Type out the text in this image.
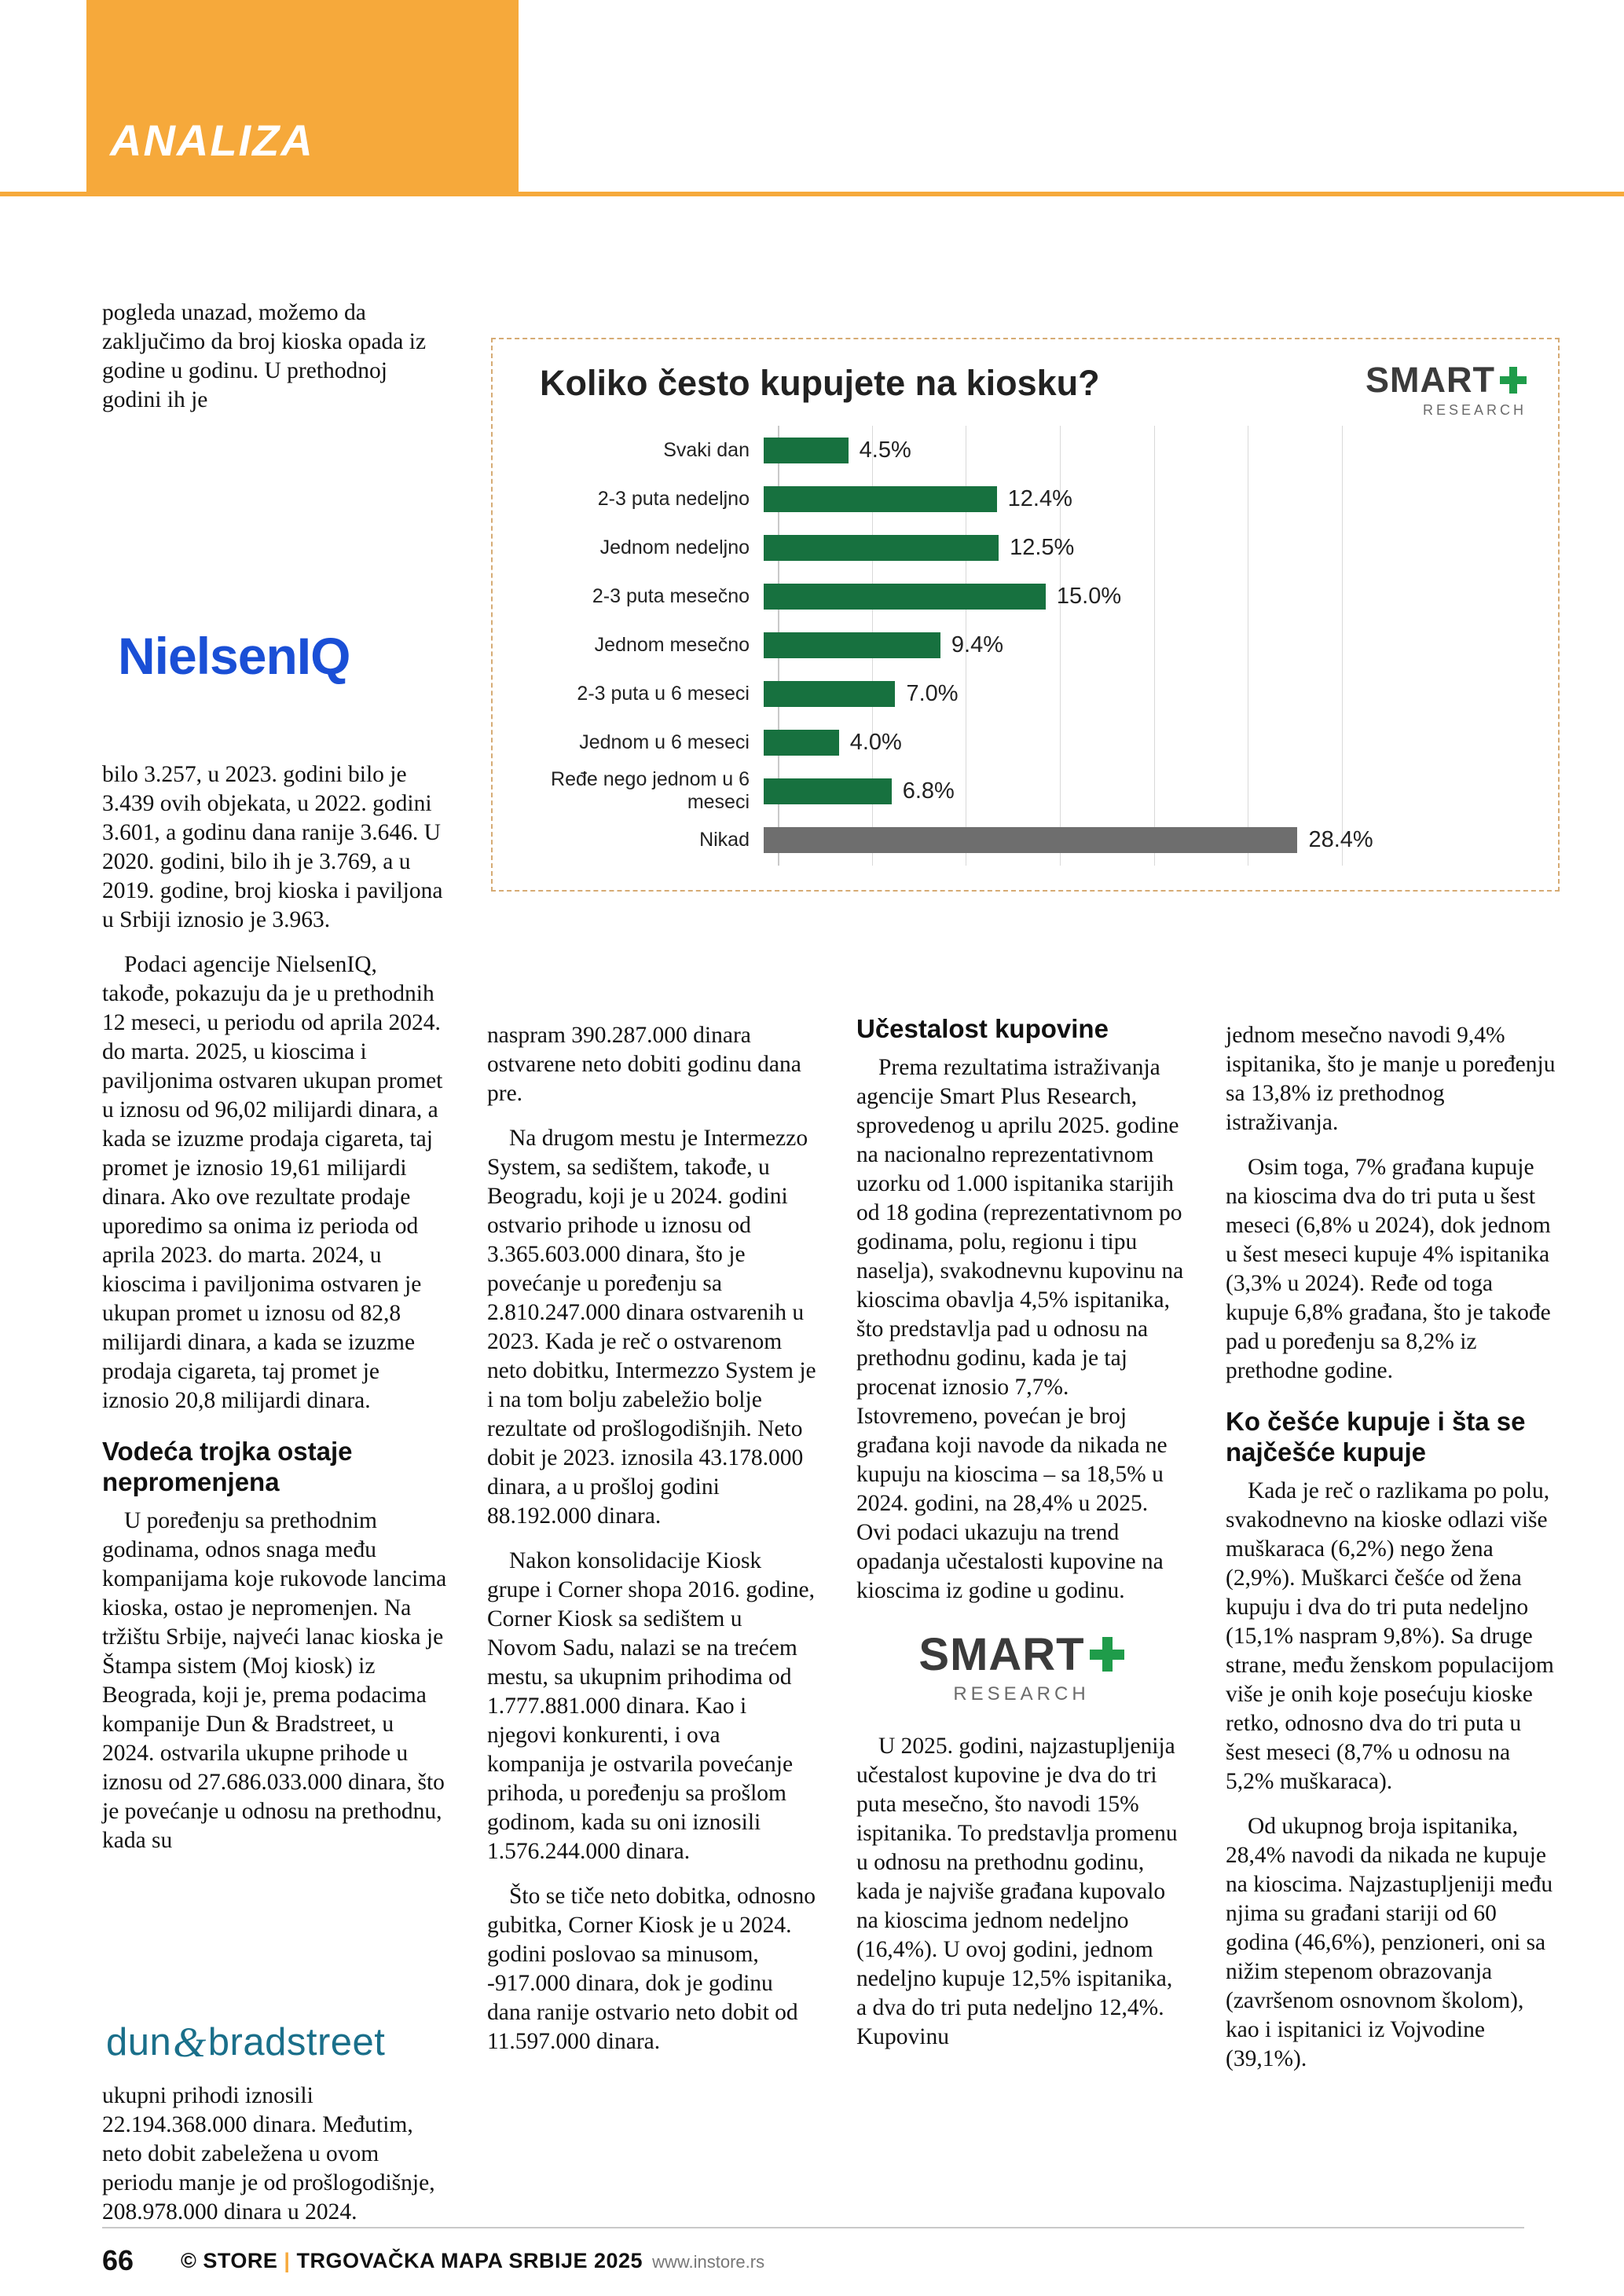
ANALIZA

pogleda unazad, možemo da zaključimo da broj kioska opada iz godine u godinu. U prethodnoj godini ih je

NielsenIQ

bilo 3.257, u 2023. godini bilo je 3.439 ovih objekata, u 2022. godini 3.601, a godinu dana ranije 3.646. U 2020. godini, bilo ih je 3.769, a u 2019. godine, broj kioska i paviljona u Srbiji iznosio je 3.963.

Podaci agencije NielsenIQ, takođe, pokazuju da je u prethodnih 12 meseci, u periodu od aprila 2024. do marta. 2025, u kioscima i paviljonima ostvaren ukupan promet u iznosu od 96,02 milijardi dinara, a kada se izuzme prodaja cigareta, taj promet je iznosio 19,61 milijardi dinara. Ako ove rezultate prodaje uporedimo sa onima iz perioda od aprila 2023. do marta. 2024, u kioscima i paviljonima ostvaren je ukupan promet u iznosu od 82,8 milijardi dinara, a kada se izuzme prodaja cigareta, taj promet je iznosio 20,8 milijardi dinara.

Vodeća trojka ostaje nepromenjena

U poređenju sa prethodnim godinama, odnos snaga među kompanijama koje rukovode lancima kioska, ostao je nepromenjen. Na tržištu Srbije, najveći lanac kioska je Štampa sistem (Moj kiosk) iz Beograda, koji je, prema podacima kompanije Dun & Bradstreet, u 2024. ostvarila ukupne prihode u iznosu od 27.686.033.000 dinara, što je povećanje u odnosu na prethodnu, kada su

dun & bradstreet

ukupni prihodi iznosili 22.194.368.000 dinara. Međutim, neto dobit zabeležena u ovom periodu manje je od prošlogodišnje, 208.978.000 dinara u 2024.

Koliko često kupujete na kiosku?	SMART
RESEARCH
Svaki dan	4.5%
2-3 puta nedeljno	12.4%
Jednom nedeljno	12.5%
2-3 puta mesečno	15.0%
Jednom mesečno	9.4%
2-3 puta u 6 meseci	7.0%
Jednom u 6 meseci	4.0%
Ređe nego jednom u 6 meseci	6.8%
Nikad	28.4%

naspram 390.287.000 dinara ostvarene neto dobiti godinu dana pre.

Na drugom mestu je Intermezzo System, sa sedištem, takođe, u Beogradu, koji je u 2024. godini ostvario prihode u iznosu od 3.365.603.000 dinara, što je povećanje u poređenju sa 2.810.247.000 dinara ostvarenih u 2023. Kada je reč o ostvarenom neto dobitku, Intermezzo System je i na tom bolju zabeležio bolje rezultate od prošlogodišnjih. Neto dobit je 2023. iznosila 43.178.000 dinara, a u prošloj godini 88.192.000 dinara.

Nakon konsolidacije Kiosk grupe i Corner shopa 2016. godine, Corner Kiosk sa sedištem u Novom Sadu, nalazi se na trećem mestu, sa ukupnim prihodima od 1.777.881.000 dinara. Kao i njegovi konkurenti, i ova kompanija je ostvarila povećanje prihoda, u poređenju sa prošlom godinom, kada su oni iznosili 1.576.244.000 dinara.

Što se tiče neto dobitka, odnosno gubitka, Corner Kiosk je u 2024. godini poslovao sa minusom, -917.000 dinara, dok je godinu dana ranije ostvario neto dobit od 11.597.000 dinara.

Učestalost kupovine

Prema rezultatima istraživanja agencije Smart Plus Research, sprovedenog u aprilu 2025. godine na nacionalno reprezentativnom uzorku od 1.000 ispitanika starijih od 18 godina (reprezentativnom po godinama, polu, regionu i tipu naselja), svakodnevnu kupovinu na kioscima obavlja 4,5% ispitanika, što predstavlja pad u odnosu na prethodnu godinu, kada je taj procenat iznosio 7,7%. Istovremeno, povećan je broj građana koji navode da nikada ne kupuju na kioscima – sa 18,5% u 2024. godini, na 28,4% u 2025. Ovi podaci ukazuju na trend opadanja učestalosti kupovine na kioscima iz godine u godinu.

SMART
RESEARCH

U 2025. godini, najzastupljenija učestalost kupovine je dva do tri puta mesečno, što navodi 15% ispitanika. To predstavlja promenu u odnosu na prethodnu godinu, kada je najviše građana kupovalo na kioscima jednom nedeljno (16,4%). U ovoj godini, jednom nedeljno kupuje 12,5% ispitanika, a dva do tri puta nedeljno 12,4%. Kupovinu

jednom mesečno navodi 9,4% ispitanika, što je manje u poređenju sa 13,8% iz prethodnog istraživanja.

Osim toga, 7% građana kupuje na kioscima dva do tri puta u šest meseci (6,8% u 2024), dok jednom u šest meseci kupuje 4% ispitanika (3,3% u 2024). Ređe od toga kupuje 6,8% građana, što je takođe pad u poređenju sa 8,2% iz prethodne godine.

Ko češće kupuje i šta se najčešće kupuje

Kada je reč o razlikama po polu, svakodnevno na kioske odlazi više muškaraca (6,2%) nego žena (2,9%). Muškarci češće od žena kupuju i dva do tri puta nedeljno (15,1% naspram 9,8%). Sa druge strane, među ženskom populacijom više je onih koje posećuju kioske retko, odnosno dva do tri puta u šest meseci (8,7% u odnosu na 5,2% muškaraca).

Od ukupnog broja ispitanika, 28,4% navodi da nikada ne kupuje na kioscima. Najzastupljeniji među njima su građani stariji od 60 godina (46,6%), penzioneri, oni sa nižim stepenom obrazovanja (završenom osnovnom školom), kao i ispitanici iz Vojvodine (39,1%).

66 © STORE | TRGOVAČKA MAPA SRBIJE 2025 www.instore.rs
